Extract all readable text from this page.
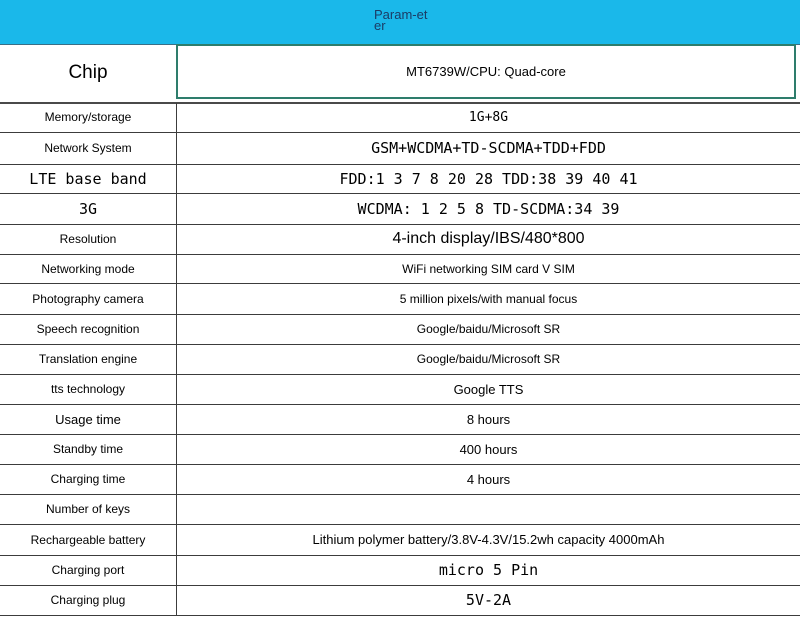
Param-eter
Chip	MT6739W/CPU: Quad-core
Memory/storage	1G+8G
Network System	GSM+WCDMA+TD-SCDMA+TDD+FDD
LTE base band	FDD:1 3 7 8 20 28 TDD:38 39 40 41
3G	WCDMA: 1 2 5 8 TD-SCDMA:34 39
Resolution	4-inch display/IBS/480*800
Networking mode	WiFi networking SIM card V SIM
Photography camera	5 million pixels/with manual focus
Speech recognition	Google/baidu/Microsoft SR
Translation engine	Google/baidu/Microsoft SR
tts technology	Google TTS
Usage time	8 hours
Standby time	400 hours
Charging time	4 hours
Number of keys	
Rechargeable battery	Lithium polymer battery/3.8V-4.3V/15.2wh capacity 4000mAh
Charging port	micro 5 Pin
Charging plug	5V-2A
